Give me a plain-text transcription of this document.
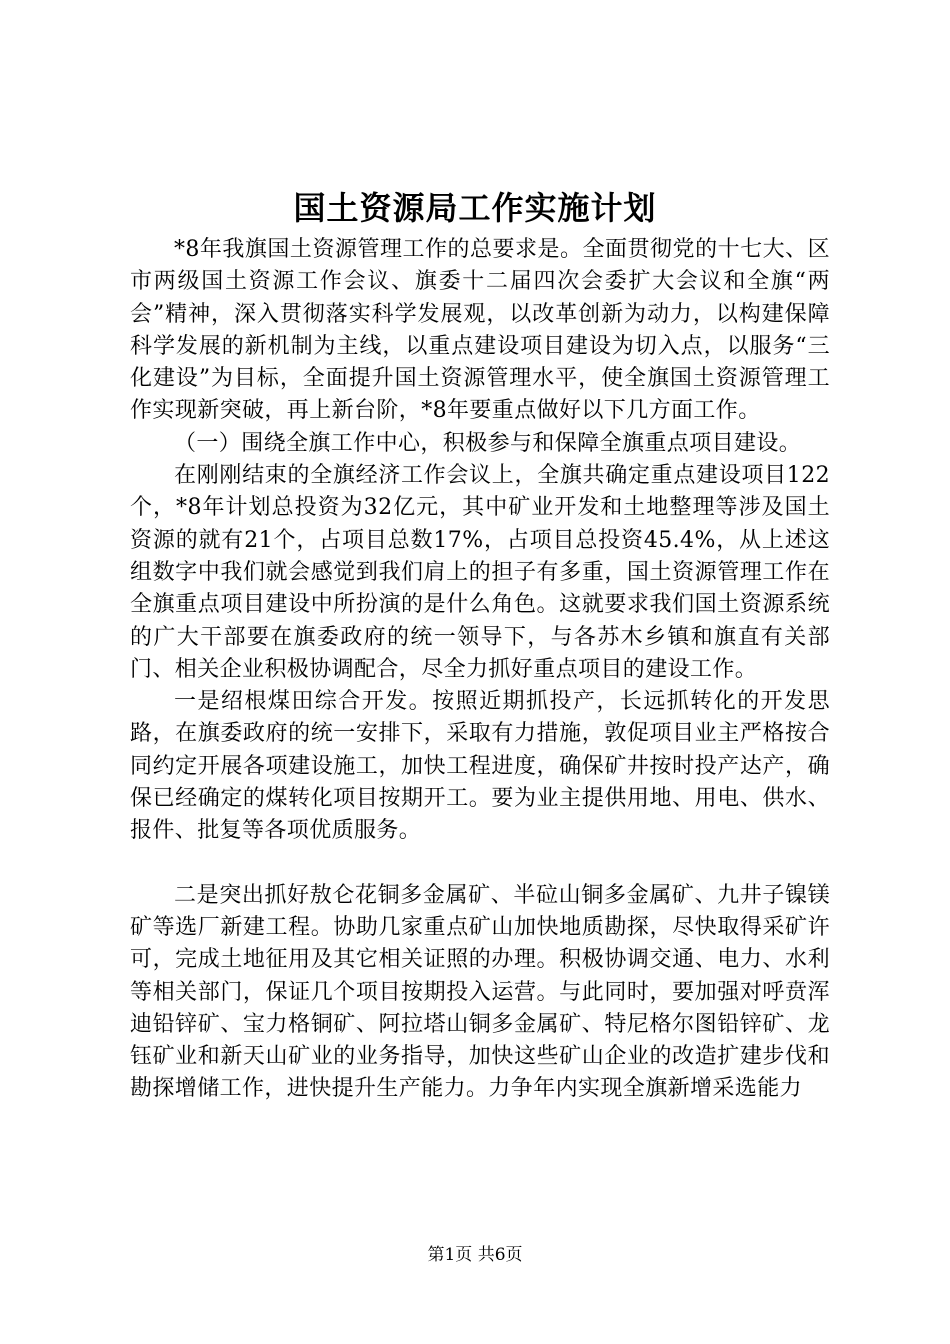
国土资源局工作实施计划

*8年我旗国土资源管理工作的总要求是。全面贯彻党的十七大、区市两级国土资源工作会议、旗委十二届四次会委扩大会议和全旗“两会”精神，深入贯彻落实科学发展观，以改革创新为动力，以构建保障科学发展的新机制为主线，以重点建设项目建设为切入点，以服务“三化建设”为目标，全面提升国土资源管理水平，使全旗国土资源管理工作实现新突破，再上新台阶，*8年要重点做好以下几方面工作。

（一）围绕全旗工作中心，积极参与和保障全旗重点项目建设。

在刚刚结束的全旗经济工作会议上，全旗共确定重点建设项目122个，*8年计划总投资为32亿元，其中矿业开发和土地整理等涉及国土资源的就有21个，占项目总数17%，占项目总投资45.4%，从上述这组数字中我们就会感觉到我们肩上的担子有多重，国土资源管理工作在全旗重点项目建设中所扮演的是什么角色。这就要求我们国土资源系统的广大干部要在旗委政府的统一领导下，与各苏木乡镇和旗直有关部门、相关企业积极协调配合，尽全力抓好重点项目的建设工作。

一是绍根煤田综合开发。按照近期抓投产，长远抓转化的开发思路，在旗委政府的统一安排下，采取有力措施，敦促项目业主严格按合同约定开展各项建设施工，加快工程进度，确保矿井按时投产达产，确保已经确定的煤转化项目按期开工。要为业主提供用地、用电、供水、报件、批复等各项优质服务。

二是突出抓好敖仑花铜多金属矿、半砬山铜多金属矿、九井子镍镁矿等选厂新建工程。协助几家重点矿山加快地质勘探，尽快取得采矿许可，完成土地征用及其它相关证照的办理。积极协调交通、电力、水利等相关部门，保证几个项目按期投入运营。与此同时，要加强对呼贲浑迪铅锌矿、宝力格铜矿、阿拉塔山铜多金属矿、特尼格尔图铅锌矿、龙钰矿业和新天山矿业的业务指导，加快这些矿山企业的改造扩建步伐和勘探增储工作，进快提升生产能力。力争年内实现全旗新增采选能力

第1页 共6页
